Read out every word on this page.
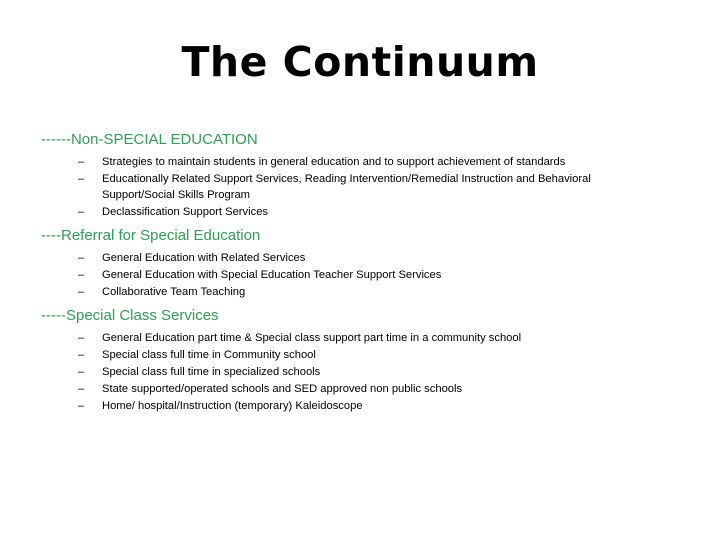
The Continuum
------Non-SPECIAL EDUCATION
–	Strategies to maintain students in general education and to support achievement of standards
–	Educationally Related Support Services, Reading Intervention/Remedial Instruction and Behavioral Support/Social Skills Program
–	Declassification Support Services
----Referral for Special Education
–	General Education with Related Services
–	General Education with Special Education Teacher Support Services
–	Collaborative Team Teaching
-----Special Class Services
–	General Education part time & Special class support part time in a community school
–	Special class full time in Community school
–	Special class full time in specialized schools
–	State supported/operated schools and SED approved non public schools
–	Home/ hospital/Instruction (temporary) Kaleidoscope
